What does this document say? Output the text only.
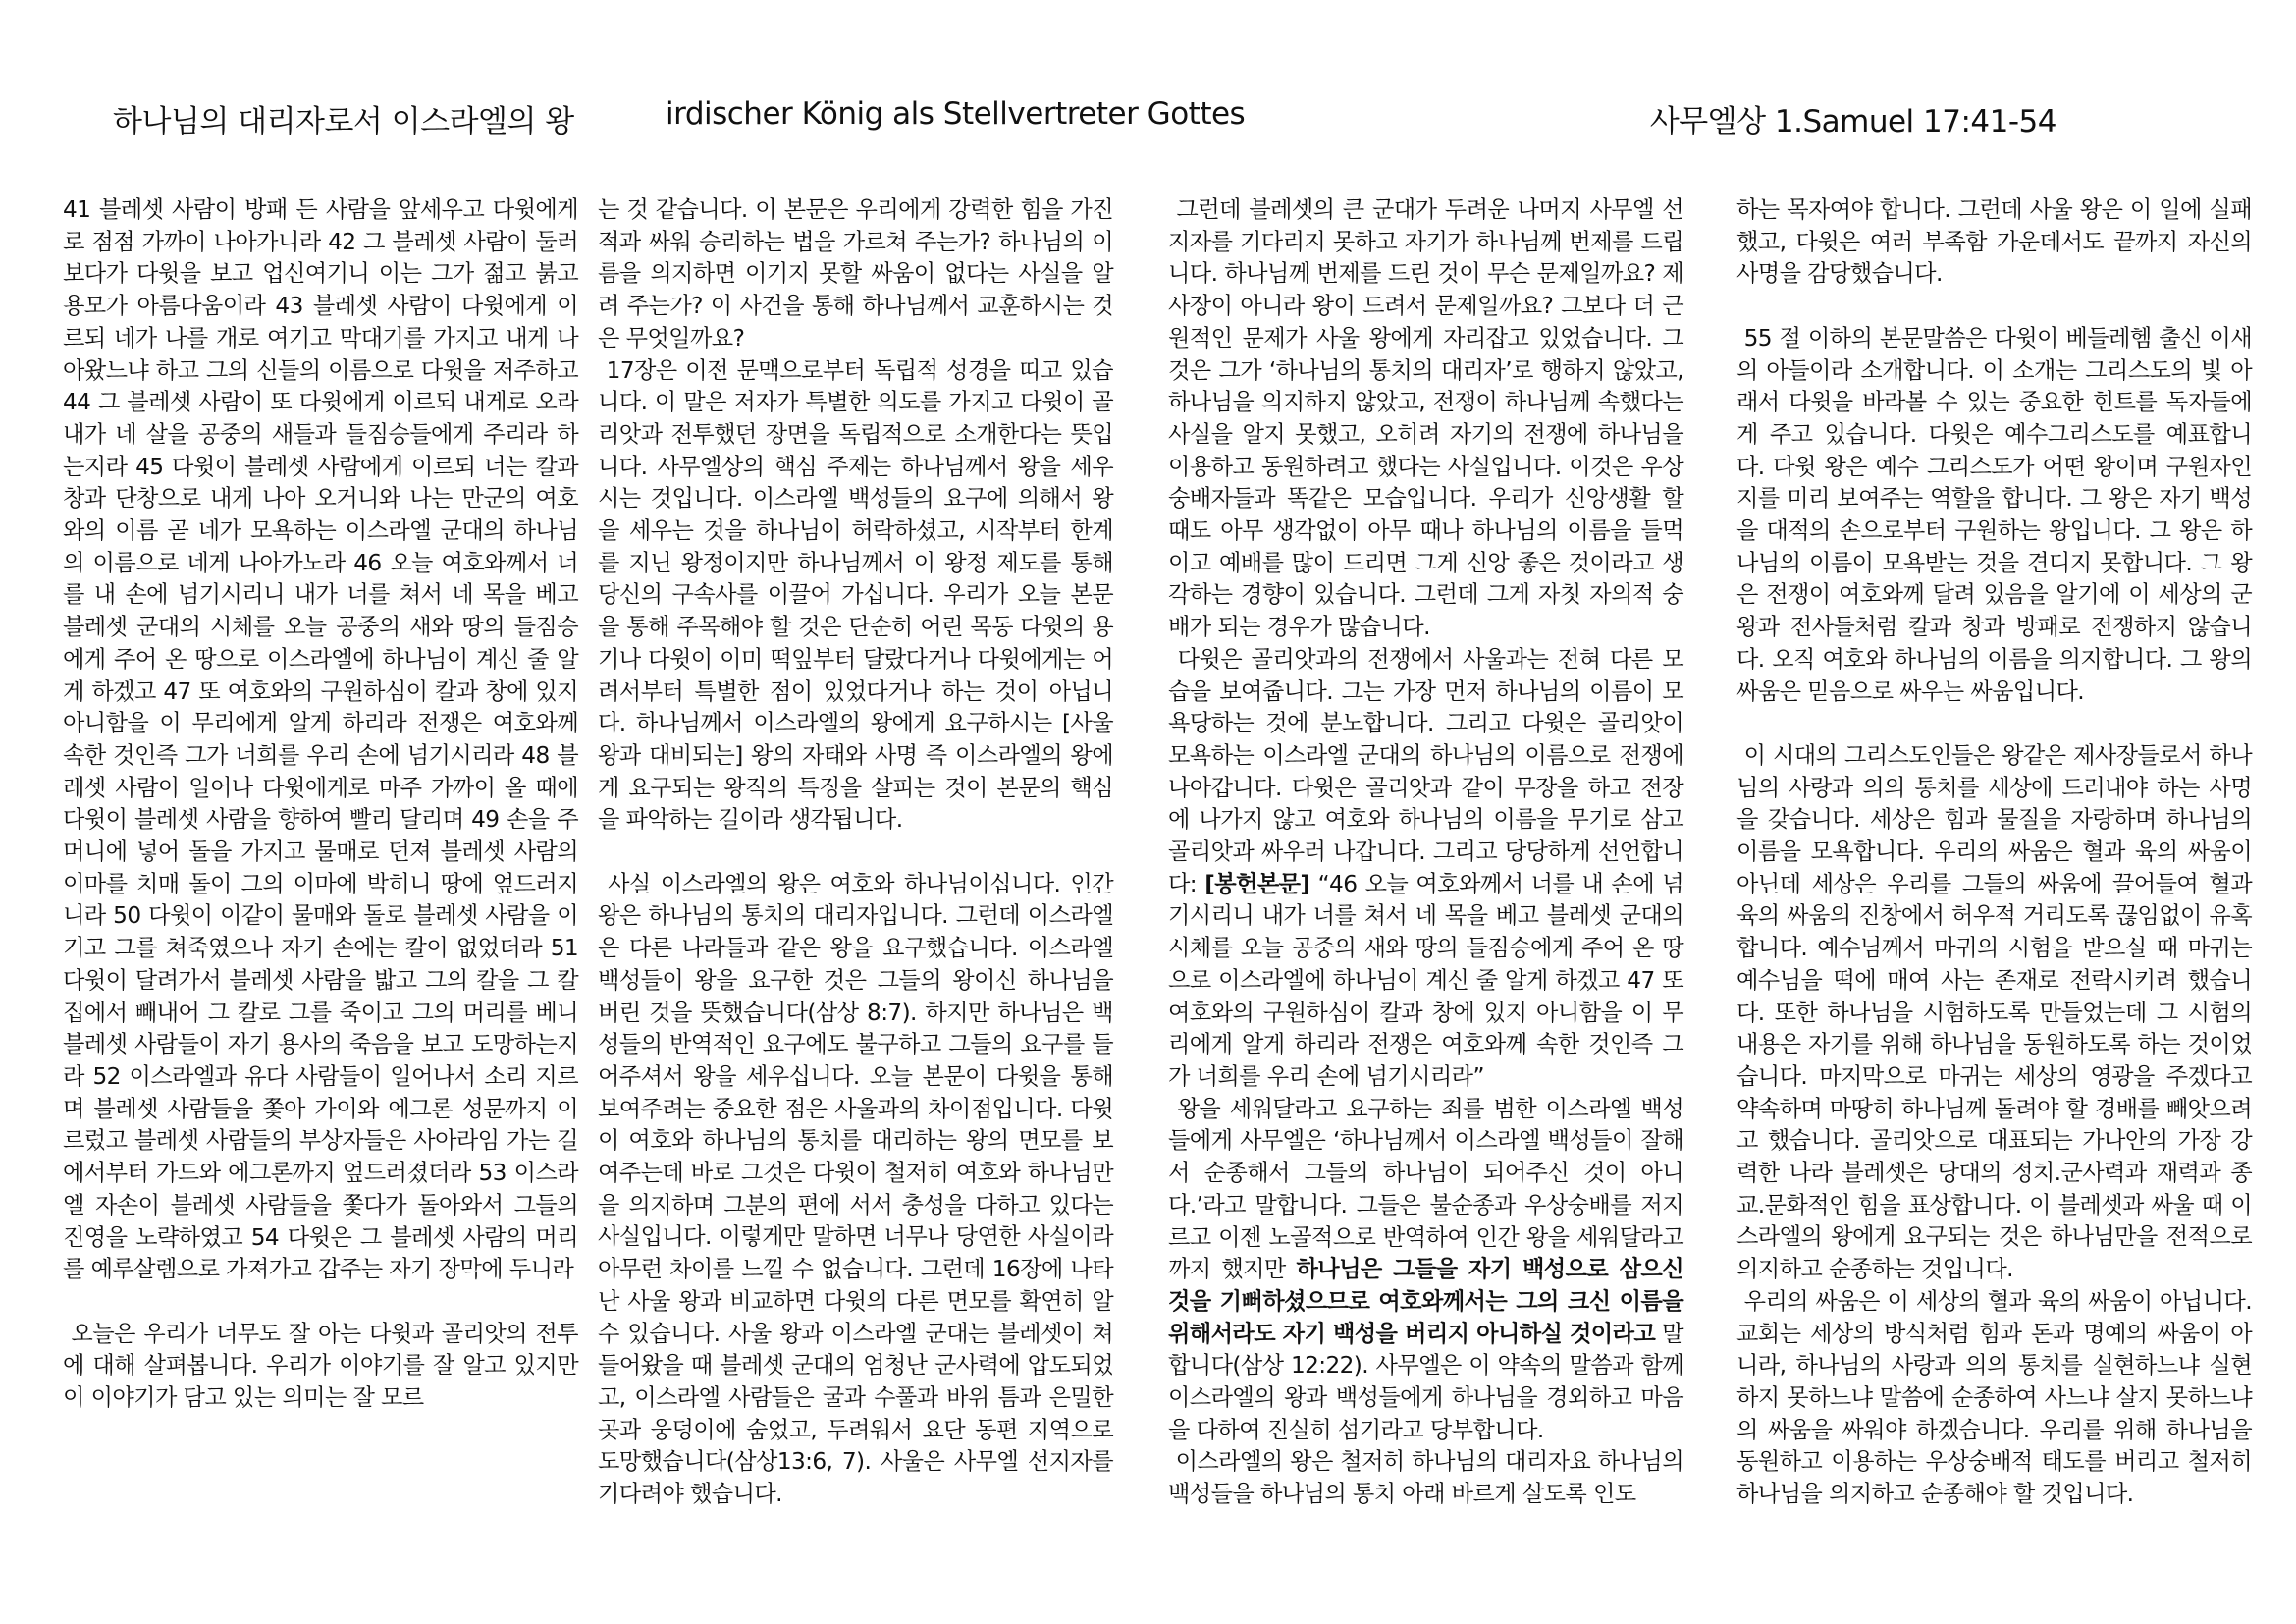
하나님의 대리자로서 이스라엘의 왕	irdischer König als Stellvertreter Gottes	사무엘상 1.Samuel 17:41-54

41 블레셋 사람이 방패 든 사람을 앞세우고 다윗에게로 점점 가까이 나아가니라 42 그 블레셋 사람이 둘러보다가 다윗을 보고 업신여기니 이는 그가 젊고 붉고 용모가 아름다움이라 43 블레셋 사람이 다윗에게 이르되 네가 나를 개로 여기고 막대기를 가지고 내게 나아왔느냐 하고 그의 신들의 이름으로 다윗을 저주하고 44 그 블레셋 사람이 또 다윗에게 이르되 내게로 오라 내가 네 살을 공중의 새들과 들짐승들에게 주리라 하는지라 45 다윗이 블레셋 사람에게 이르되 너는 칼과 창과 단창으로 내게 나아 오거니와 나는 만군의 여호와의 이름 곧 네가 모욕하는 이스라엘 군대의 하나님의 이름으로 네게 나아가노라 46 오늘 여호와께서 너를 내 손에 넘기시리니 내가 너를 쳐서 네 목을 베고 블레셋 군대의 시체를 오늘 공중의 새와 땅의 들짐승에게 주어 온 땅으로 이스라엘에 하나님이 계신 줄 알게 하겠고 47 또 여호와의 구원하심이 칼과 창에 있지 아니함을 이 무리에게 알게 하리라 전쟁은 여호와께 속한 것인즉 그가 너희를 우리 손에 넘기시리라 48 블레셋 사람이 일어나 다윗에게로 마주 가까이 올 때에 다윗이 블레셋 사람을 향하여 빨리 달리며 49 손을 주머니에 넣어 돌을 가지고 물매로 던져 블레셋 사람의 이마를 치매 돌이 그의 이마에 박히니 땅에 엎드러지니라 50 다윗이 이같이 물매와 돌로 블레셋 사람을 이기고 그를 쳐죽였으나 자기 손에는 칼이 없었더라 51 다윗이 달려가서 블레셋 사람을 밟고 그의 칼을 그 칼 집에서 빼내어 그 칼로 그를 죽이고 그의 머리를 베니 블레셋 사람들이 자기 용사의 죽음을 보고 도망하는지라 52 이스라엘과 유다 사람들이 일어나서 소리 지르며 블레셋 사람들을 쫓아 가이와 에그론 성문까지 이르렀고 블레셋 사람들의 부상자들은 사아라임 가는 길에서부터 가드와 에그론까지 엎드러졌더라 53 이스라엘 자손이 블레셋 사람들을 쫓다가 돌아와서 그들의 진영을 노략하였고 54 다윗은 그 블레셋 사람의 머리를 예루살렘으로 가져가고 갑주는 자기 장막에 두니라

오늘은 우리가 너무도 잘 아는 다윗과 골리앗의 전투에 대해 살펴봅니다. 우리가 이야기를 잘 알고 있지만 이 이야기가 담고 있는 의미는 잘 모르

는 것 같습니다. 이 본문은 우리에게 강력한 힘을 가진 적과 싸워 승리하는 법을 가르쳐 주는가? 하나님의 이름을 의지하면 이기지 못할 싸움이 없다는 사실을 알려 주는가? 이 사건을 통해 하나님께서 교훈하시는 것은 무엇일까요?

17장은 이전 문맥으로부터 독립적 성경을 띠고 있습니다. 이 말은 저자가 특별한 의도를 가지고 다윗이 골리앗과 전투했던 장면을 독립적으로 소개한다는 뜻입니다. 사무엘상의 핵심 주제는 하나님께서 왕을 세우시는 것입니다. 이스라엘 백성들의 요구에 의해서 왕을 세우는 것을 하나님이 허락하셨고, 시작부터 한계를 지닌 왕정이지만 하나님께서 이 왕정 제도를 통해 당신의 구속사를 이끌어 가십니다. 우리가 오늘 본문을 통해 주목해야 할 것은 단순히 어린 목동 다윗의 용기나 다윗이 이미 떡잎부터 달랐다거나 다윗에게는 어려서부터 특별한 점이 있었다거나 하는 것이 아닙니다. 하나님께서 이스라엘의 왕에게 요구하시는 [사울 왕과 대비되는] 왕의 자태와 사명 즉 이스라엘의 왕에게 요구되는 왕직의 특징을 살피는 것이 본문의 핵심을 파악하는 길이라 생각됩니다.

사실 이스라엘의 왕은 여호와 하나님이십니다. 인간 왕은 하나님의 통치의 대리자입니다. 그런데 이스라엘은 다른 나라들과 같은 왕을 요구했습니다. 이스라엘 백성들이 왕을 요구한 것은 그들의 왕이신 하나님을 버린 것을 뜻했습니다(삼상 8:7). 하지만 하나님은 백성들의 반역적인 요구에도 불구하고 그들의 요구를 들어주셔서 왕을 세우십니다. 오늘 본문이 다윗을 통해 보여주려는 중요한 점은 사울과의 차이점입니다. 다윗이 여호와 하나님의 통치를 대리하는 왕의 면모를 보여주는데 바로 그것은 다윗이 철저히 여호와 하나님만을 의지하며 그분의 편에 서서 충성을 다하고 있다는 사실입니다. 이렇게만 말하면 너무나 당연한 사실이라 아무런 차이를 느낄 수 없습니다. 그런데 16장에 나타난 사울 왕과 비교하면 다윗의 다른 면모를 확연히 알 수 있습니다. 사울 왕과 이스라엘 군대는 블레셋이 쳐들어왔을 때 블레셋 군대의 엄청난 군사력에 압도되었고, 이스라엘 사람들은 굴과 수풀과 바위 틈과 은밀한 곳과 웅덩이에 숨었고, 두려워서 요단 동편 지역으로 도망했습니다(삼상13:6, 7). 사울은 사무엘 선지자를 기다려야 했습니다.

그런데 블레셋의 큰 군대가 두려운 나머지 사무엘 선지자를 기다리지 못하고 자기가 하나님께 번제를 드립니다. 하나님께 번제를 드린 것이 무슨 문제일까요? 제사장이 아니라 왕이 드려서 문제일까요? 그보다 더 근원적인 문제가 사울 왕에게 자리잡고 있었습니다. 그것은 그가 ‘하나님의 통치의 대리자’로 행하지 않았고, 하나님을 의지하지 않았고, 전쟁이 하나님께 속했다는 사실을 알지 못했고, 오히려 자기의 전쟁에 하나님을 이용하고 동원하려고 했다는 사실입니다. 이것은 우상숭배자들과 똑같은 모습입니다. 우리가 신앙생활 할 때도 아무 생각없이 아무 때나 하나님의 이름을 들먹이고 예배를 많이 드리면 그게 신앙 좋은 것이라고 생각하는 경향이 있습니다. 그런데 그게 자칫 자의적 숭배가 되는 경우가 많습니다.

다윗은 골리앗과의 전쟁에서 사울과는 전혀 다른 모습을 보여줍니다. 그는 가장 먼저 하나님의 이름이 모욕당하는 것에 분노합니다. 그리고 다윗은 골리앗이 모욕하는 이스라엘 군대의 하나님의 이름으로 전쟁에 나아갑니다. 다윗은 골리앗과 같이 무장을 하고 전장에 나가지 않고 여호와 하나님의 이름을 무기로 삼고 골리앗과 싸우러 나갑니다. 그리고 당당하게 선언합니다: [봉헌본문] “46 오늘 여호와께서 너를 내 손에 넘기시리니 내가 너를 쳐서 네 목을 베고 블레셋 군대의 시체를 오늘 공중의 새와 땅의 들짐승에게 주어 온 땅으로 이스라엘에 하나님이 계신 줄 알게 하겠고 47 또 여호와의 구원하심이 칼과 창에 있지 아니함을 이 무리에게 알게 하리라 전쟁은 여호와께 속한 것인즉 그가 너희를 우리 손에 넘기시리라”

왕을 세워달라고 요구하는 죄를 범한 이스라엘 백성들에게 사무엘은 ‘하나님께서 이스라엘 백성들이 잘해서 순종해서 그들의 하나님이 되어주신 것이 아니다.’라고 말합니다. 그들은 불순종과 우상숭배를 저지르고 이젠 노골적으로 반역하여 인간 왕을 세워달라고까지 했지만 하나님은 그들을 자기 백성으로 삼으신 것을 기뻐하셨으므로 여호와께서는 그의 크신 이름을 위해서라도 자기 백성을 버리지 아니하실 것이라고 말합니다(삼상 12:22). 사무엘은 이 약속의 말씀과 함께 이스라엘의 왕과 백성들에게 하나님을 경외하고 마음을 다하여 진실히 섬기라고 당부합니다.

이스라엘의 왕은 철저히 하나님의 대리자요 하나님의 백성들을 하나님의 통치 아래 바르게 살도록 인도

하는 목자여야 합니다. 그런데 사울 왕은 이 일에 실패했고, 다윗은 여러 부족함 가운데서도 끝까지 자신의 사명을 감당했습니다.

55 절 이하의 본문말씀은 다윗이 베들레헴 출신 이새의 아들이라 소개합니다. 이 소개는 그리스도의 빛 아래서 다윗을 바라볼 수 있는 중요한 힌트를 독자들에게 주고 있습니다. 다윗은 예수그리스도를 예표합니다. 다윗 왕은 예수 그리스도가 어떤 왕이며 구원자인지를 미리 보여주는 역할을 합니다. 그 왕은 자기 백성을 대적의 손으로부터 구원하는 왕입니다. 그 왕은 하나님의 이름이 모욕받는 것을 견디지 못합니다. 그 왕은 전쟁이 여호와께 달려 있음을 알기에 이 세상의 군왕과 전사들처럼 칼과 창과 방패로 전쟁하지 않습니다. 오직 여호와 하나님의 이름을 의지합니다. 그 왕의 싸움은 믿음으로 싸우는 싸움입니다.

이 시대의 그리스도인들은 왕같은 제사장들로서 하나님의 사랑과 의의 통치를 세상에 드러내야 하는 사명을 갖습니다. 세상은 힘과 물질을 자랑하며 하나님의 이름을 모욕합니다. 우리의 싸움은 혈과 육의 싸움이 아닌데 세상은 우리를 그들의 싸움에 끌어들여 혈과 육의 싸움의 진창에서 허우적 거리도록 끊임없이 유혹합니다. 예수님께서 마귀의 시험을 받으실 때 마귀는 예수님을 떡에 매여 사는 존재로 전락시키려 했습니다. 또한 하나님을 시험하도록 만들었는데 그 시험의 내용은 자기를 위해 하나님을 동원하도록 하는 것이었습니다. 마지막으로 마귀는 세상의 영광을 주겠다고 약속하며 마땅히 하나님께 돌려야 할 경배를 빼앗으려고 했습니다. 골리앗으로 대표되는 가나안의 가장 강력한 나라 블레셋은 당대의 정치.군사력과 재력과 종교.문화적인 힘을 표상합니다. 이 블레셋과 싸울 때 이스라엘의 왕에게 요구되는 것은 하나님만을 전적으로 의지하고 순종하는 것입니다.

우리의 싸움은 이 세상의 혈과 육의 싸움이 아닙니다. 교회는 세상의 방식처럼 힘과 돈과 명예의 싸움이 아니라, 하나님의 사랑과 의의 통치를 실현하느냐 실현하지 못하느냐 말씀에 순종하여 사느냐 살지 못하느냐의 싸움을 싸워야 하겠습니다. 우리를 위해 하나님을 동원하고 이용하는 우상숭배적 태도를 버리고 철저히 하나님을 의지하고 순종해야 할 것입니다.
